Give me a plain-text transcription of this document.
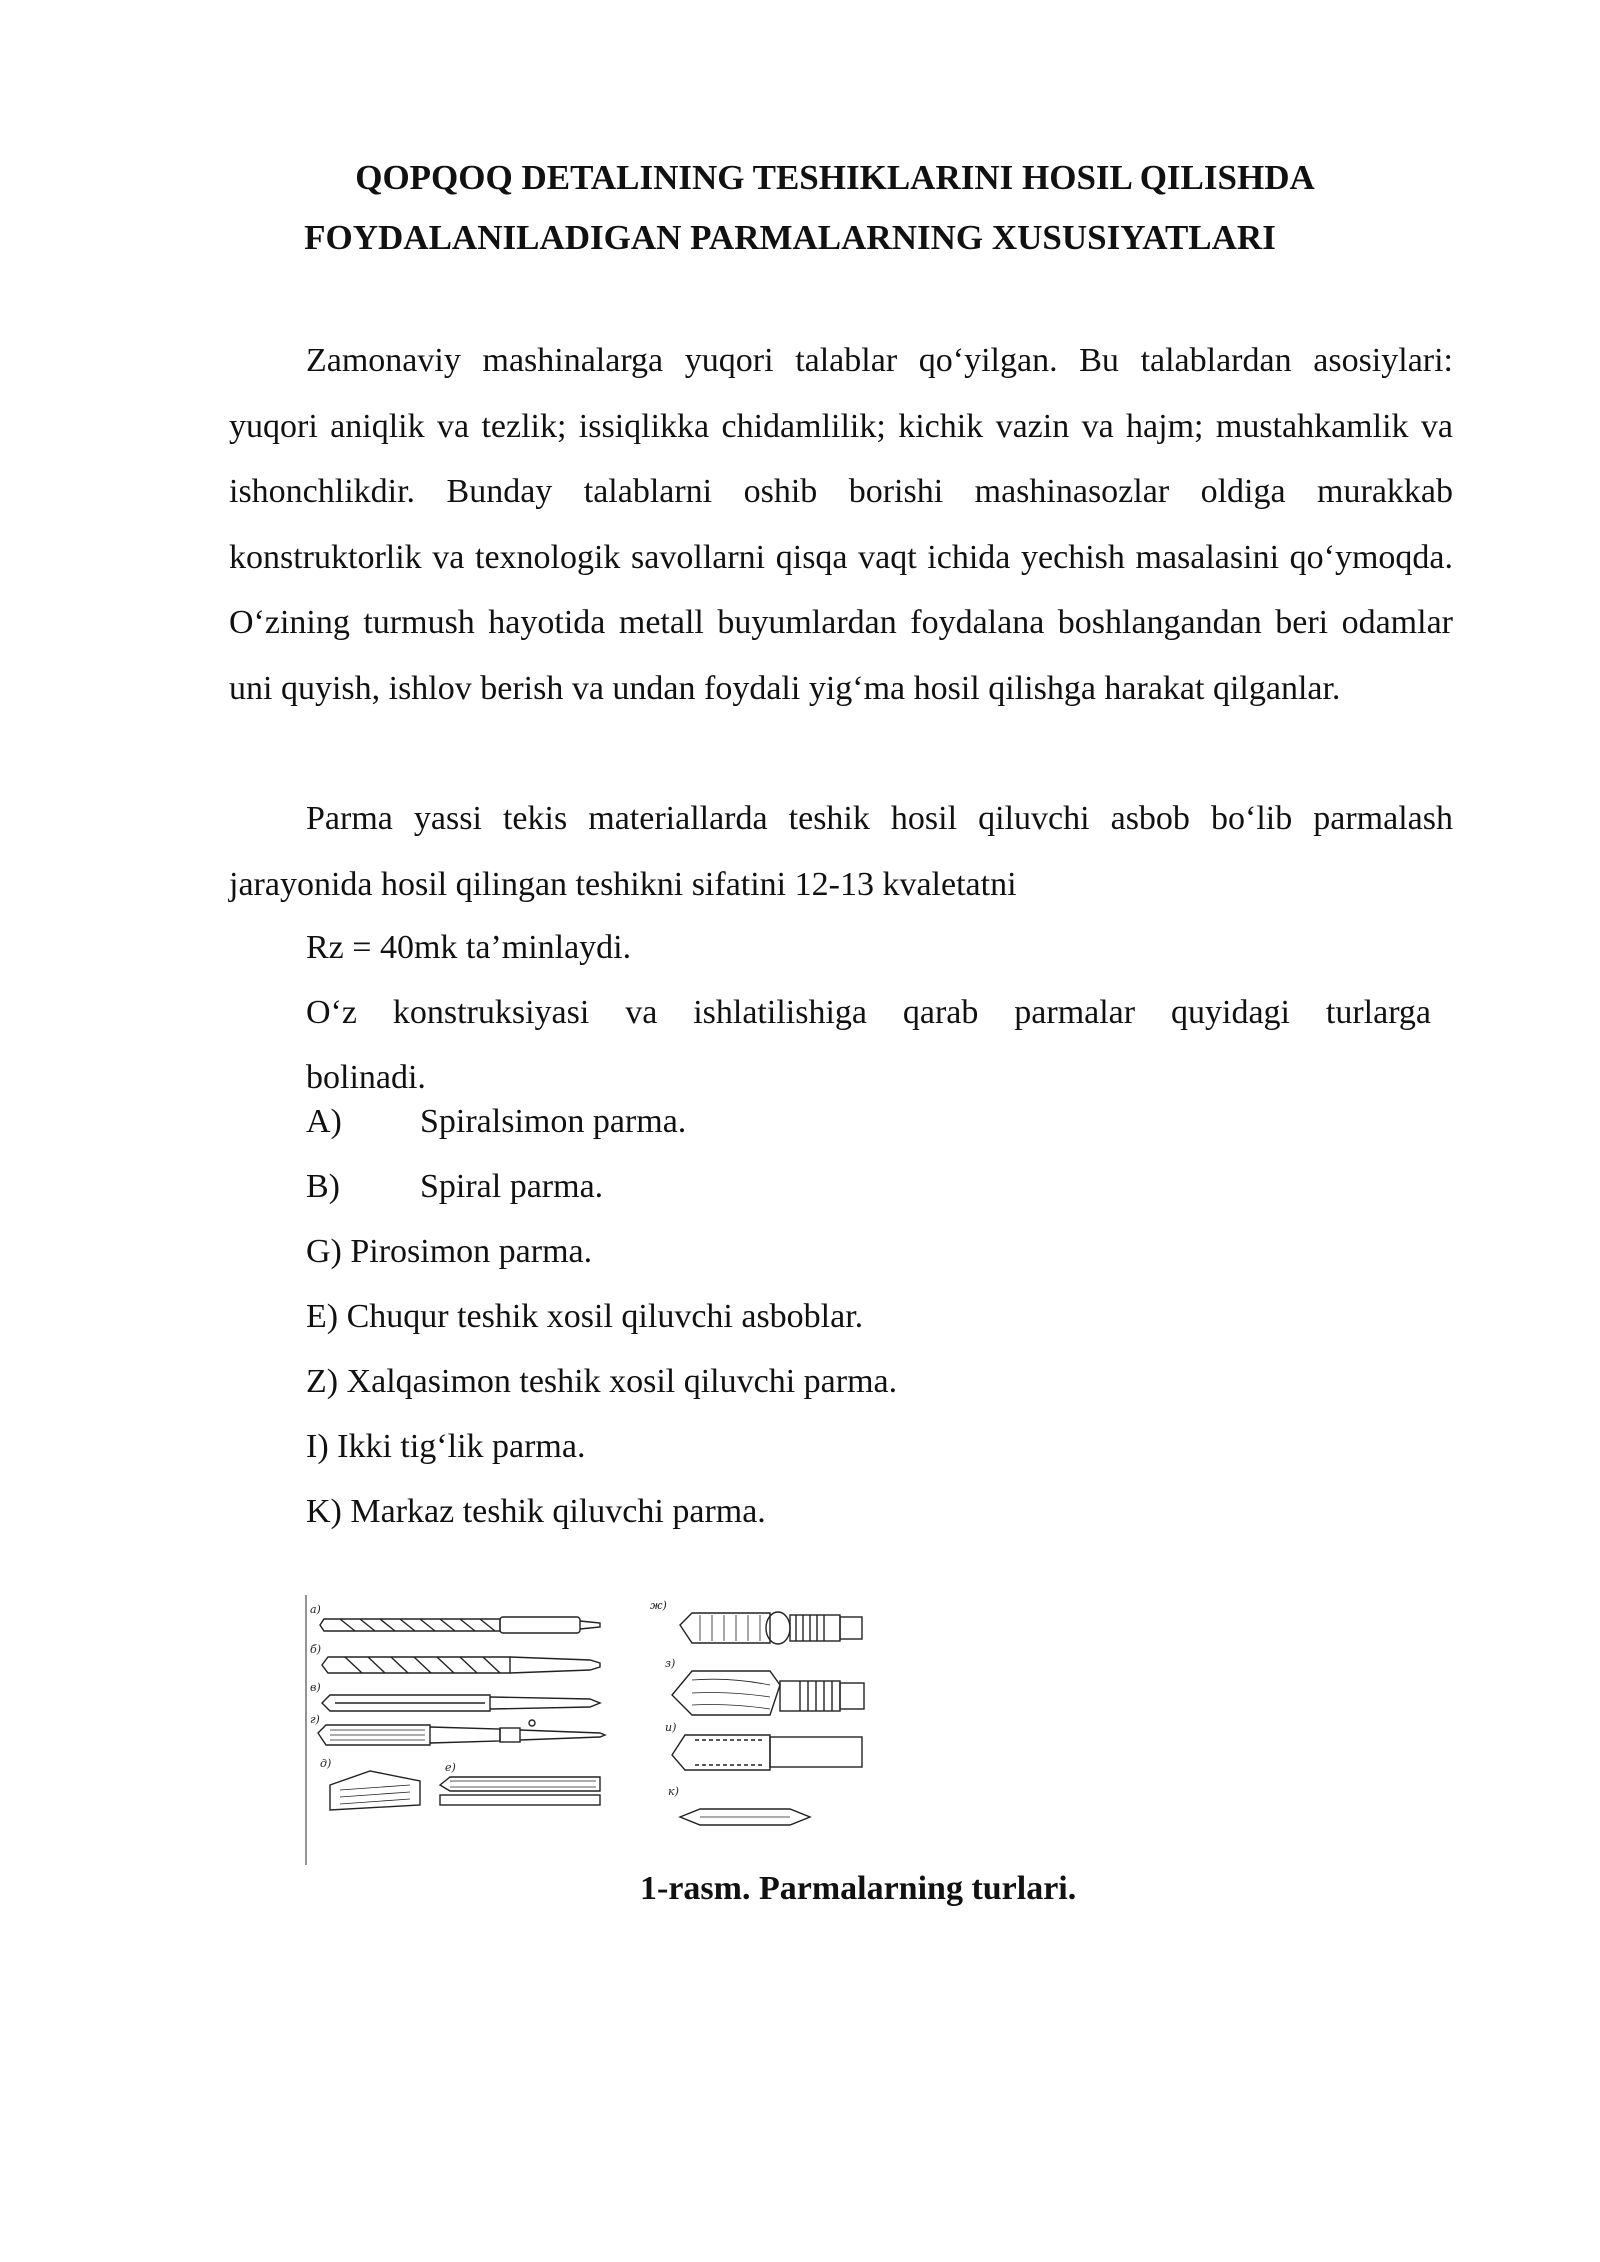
QOPQOQ DETALINING TESHIKLARINI HOSIL QILISHDA
FOYDALANILADIGAN PARMALARNING XUSUSIYATLARI
Zamonaviy mashinalarga yuqori talablar qo‘yilgan. Bu talablardan asosiylari: yuqori aniqlik va tezlik; issiqlikka chidamlilik; kichik vazin va hajm; mustahkamlik va ishonchlikdir. Bunday talablarni oshib borishi mashinasozlar oldiga murakkab konstruktorlik va texnologik savollarni qisqa vaqt ichida yechish masalasini qo‘ymoqda. O‘zining turmush hayotida metall buyumlardan foydalana boshlangandan beri odamlar uni quyish, ishlov berish va undan foydali yig‘ma hosil qilishga harakat qilganlar.
Parma yassi tekis materiallarda teshik hosil qiluvchi asbob bo‘lib parmalash jarayonida hosil qilingan teshikni sifatini 12-13 kvaletatni
Rz = 40mk ta’minlaydi.
O‘z konstruksiyasi va ishlatilishiga qarab parmalar quyidagi turlarga
bolinadi.
A) Spiralsimon parma.
B) Spiral parma.
G) Pirosimon parma.
E) Chuqur teshik xosil qiluvchi asboblar.
Z) Xalqasimon teshik xosil qiluvchi parma.
I) Ikki tig‘lik parma.
K) Markaz teshik qiluvchi parma.
а)
б)
в)
г)
д)	е)
ж)
з)
и)
к)
1-rasm. Parmalarning turlari.
